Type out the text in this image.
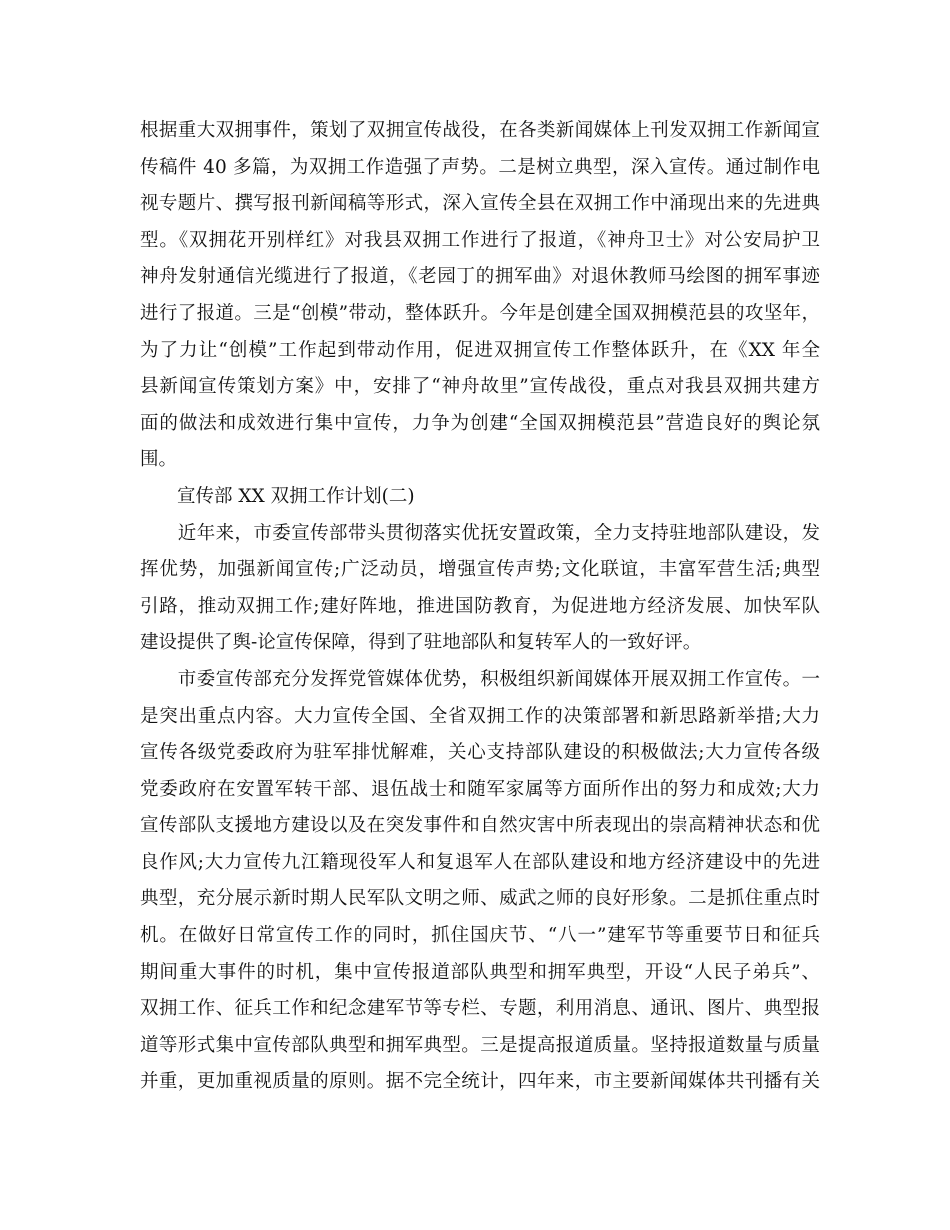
根据重大双拥事件，策划了双拥宣传战役，在各类新闻媒体上刊发双拥工作新闻宣
传稿件 40 多篇，为双拥工作造强了声势。二是树立典型，深入宣传。通过制作电
视专题片、撰写报刊新闻稿等形式，深入宣传全县在双拥工作中涌现出来的先进典
型。《双拥花开别样红》对我县双拥工作进行了报道，《神舟卫士》对公安局护卫
神舟发射通信光缆进行了报道，《老园丁的拥军曲》对退休教师马绘图的拥军事迹
进行了报道。三是“创模”带动，整体跃升。今年是创建全国双拥模范县的攻坚年，
为了力让“创模”工作起到带动作用，促进双拥宣传工作整体跃升，在《XX 年全
县新闻宣传策划方案》中，安排了“神舟故里”宣传战役，重点对我县双拥共建方
面的做法和成效进行集中宣传，力争为创建“全国双拥模范县”营造良好的舆论氛
围。
宣传部 XX 双拥工作计划(二)
　　近年来，市委宣传部带头贯彻落实优抚安置政策，全力支持驻地部队建设，发
挥优势，加强新闻宣传;广泛动员，增强宣传声势;文化联谊，丰富军营生活;典型
引路，推动双拥工作;建好阵地，推进国防教育，为促进地方经济发展、加快军队
建设提供了舆-论宣传保障，得到了驻地部队和复转军人的一致好评。
　　市委宣传部充分发挥党管媒体优势，积极组织新闻媒体开展双拥工作宣传。一
是突出重点内容。大力宣传全国、全省双拥工作的决策部署和新思路新举措;大力
宣传各级党委政府为驻军排忧解难，关心支持部队建设的积极做法;大力宣传各级
党委政府在安置军转干部、退伍战士和随军家属等方面所作出的努力和成效;大力
宣传部队支援地方建设以及在突发事件和自然灾害中所表现出的崇高精神状态和优
良作风;大力宣传九江籍现役军人和复退军人在部队建设和地方经济建设中的先进
典型，充分展示新时期人民军队文明之师、威武之师的良好形象。二是抓住重点时
机。在做好日常宣传工作的同时，抓住国庆节、“八一”建军节等重要节日和征兵
期间重大事件的时机，集中宣传报道部队典型和拥军典型，开设“人民子弟兵”、
双拥工作、征兵工作和纪念建军节等专栏、专题，利用消息、通讯、图片、典型报
道等形式集中宣传部队典型和拥军典型。三是提高报道质量。坚持报道数量与质量
并重，更加重视质量的原则。据不完全统计，四年来，市主要新闻媒体共刊播有关
